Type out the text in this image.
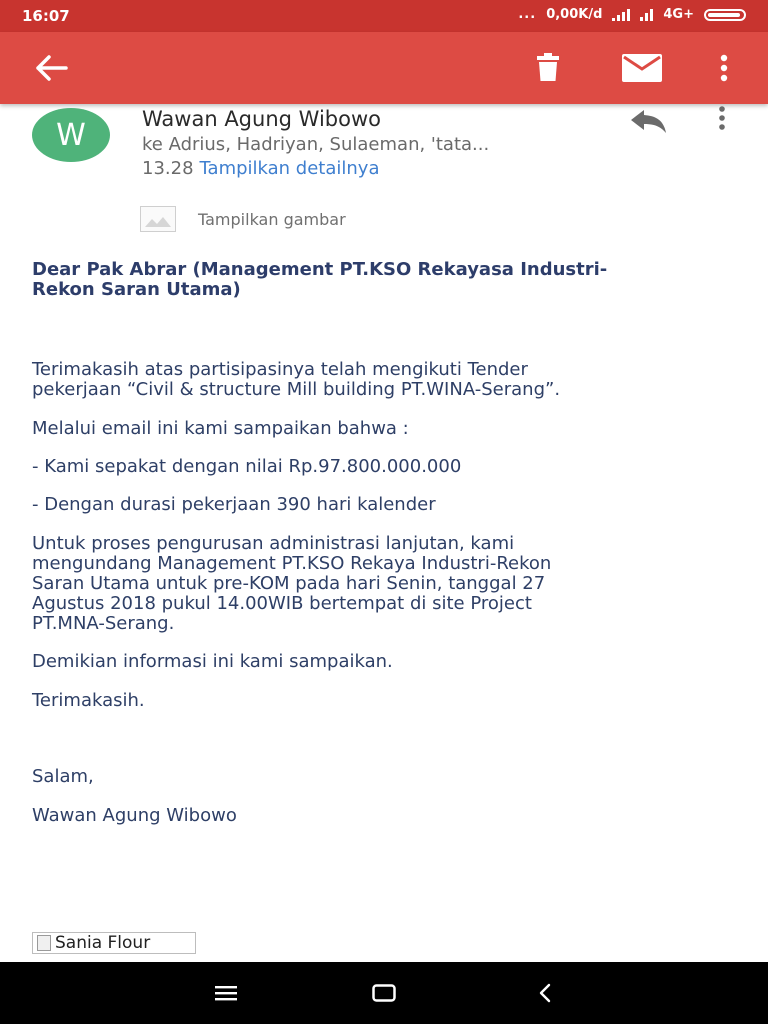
16:07	... 0,00K/d	4G+
W	Wawan Agung Wibowo
ke Adrius, Hadriyan, Sulaeman, 'tata...
13.28 Tampilkan detailnya
Tampilkan gambar

Dear Pak Abrar (Management PT.KSO Rekayasa Industri-

Rekon Saran Utama)

Terimakasih atas partisipasinya telah mengikuti Tender

pekerjaan “Civil & structure Mill building PT.WINA-Serang”.

Melalui email ini kami sampaikan bahwa :

- Kami sepakat dengan nilai Rp.97.800.000.000

- Dengan durasi pekerjaan 390 hari kalender

Untuk proses pengurusan administrasi lanjutan, kami

mengundang Management PT.KSO Rekaya Industri-Rekon

Saran Utama untuk pre-KOM pada hari Senin, tanggal 27

Agustus 2018 pukul 14.00WIB bertempat di site Project

PT.MNA-Serang.

Demikian informasi ini kami sampaikan.

Terimakasih.

Salam,

Wawan Agung Wibowo

Sania Flour
